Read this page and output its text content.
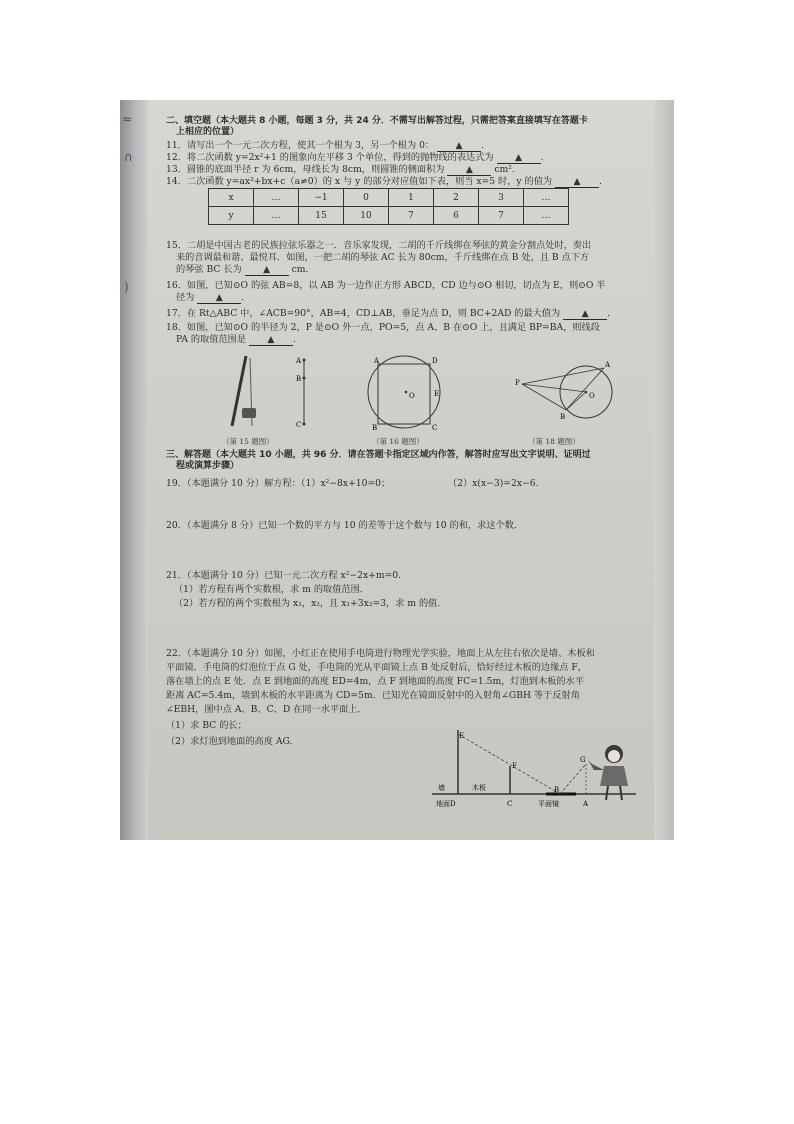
二、填空题（本大题共 8 小题，每题 3 分，共 24 分．不需写出解答过程，只需把答案直接填写在答题卡
上相应的位置）
11．请写出一个一元二次方程，使其一个根为 3，另一个根为 0： ▲ .
12．将二次函数 y=2x²+1 的图象向左平移 3 个单位，得到的抛物线的表达式为 ▲ .
13．圆锥的底面半径 r 为 6cm，母线长为 8cm，则圆锥的侧面积为 ▲ cm².
14．二次函数 y=ax²+bx+c（a≠0）的 x 与 y 的部分对应值如下表，则当 x=5 时，y 的值为 ▲ .
x	…	−1	0	1	2	3	…
y	…	15	10	7	6	7	…
15．二胡是中国古老的民族拉弦乐器之一．音乐家发现，二胡的千斤线绑在琴弦的黄金分割点处时，奏出
来的音调最和谐、最悦耳．如图，一把二胡的琴弦 AC 长为 80cm，千斤线绑在点 B 处，且 B 点下方
的琴弦 BC 长为 ▲ cm.
16．如图，已知⊙O 的弦 AB=8，以 AB 为一边作正方形 ABCD，CD 边与⊙O 相切，切点为 E，则⊙O 半
径为 ▲ .
17．在 Rt△ABC 中，∠ACB=90°，AB=4，CD⊥AB，垂足为点 D，则 BC+2AD 的最大值为 ▲ .
18．如图，已知⊙O 的半径为 2，P 是⊙O 外一点，PO=5，点 A、B 在⊙O 上，且满足 BP=BA，则线段
PA 的取值范围是 ▲ .
A
B
C
（第 15 题图）
A	D
B	C
E
O
（第 16 题图）
P
A
B
O
（第 18 题图）
三、解答题（本大题共 10 小题，共 96 分．请在答题卡指定区域内作答，解答时应写出文字说明、证明过
程或演算步骤）
19．（本题满分 10 分）解方程：（1）x²−8x+10=0；	（2）x(x−3)=2x−6.
20．（本题满分 8 分）已知一个数的平方与 10 的差等于这个数与 10 的和，求这个数．
21．（本题满分 10 分）已知一元二次方程 x²−2x+m=0.
（1）若方程有两个实数根，求 m 的取值范围．
（2）若方程的两个实数根为 x₁，x₂，且 x₁+3x₂=3，求 m 的值.
22．（本题满分 10 分）如图，小红正在使用手电筒进行物理光学实验，地面上从左往右依次是墙、木板和
平面镜．手电筒的灯泡位于点 G 处，手电筒的光从平面镜上点 B 处反射后，恰好经过木板的边缘点 F，
落在墙上的点 E 处．点 E 到地面的高度 ED=4m，点 F 到地面的高度 FC=1.5m，灯泡到木板的水平
距离 AC=5.4m，墙到木板的水平距离为 CD=5m．已知光在镜面反射中的入射角∠GBH 等于反射角
∠EBH，图中点 A、B、C、D 在同一水平面上．
（1）求 BC 的长；
（2）求灯泡到地面的高度 AG.	E
F
G
B
墙	木板
地面D	C	平面镜	A
≈
∩
)
